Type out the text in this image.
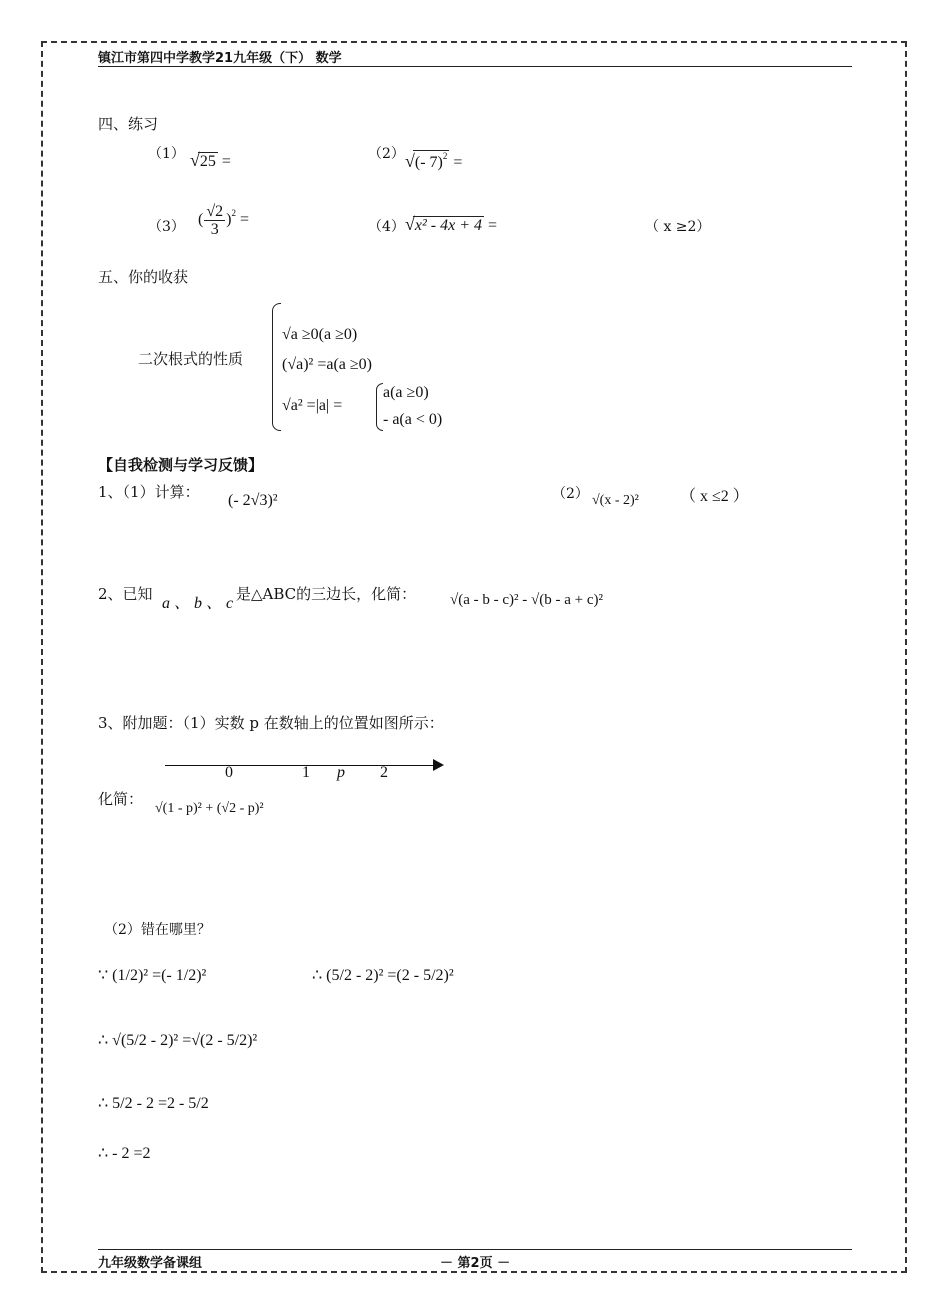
镇江市第四中学教学21九年级（下） 数学
四、练习
（1） √25 =	（2） √(- 7)$^2$ =
（3） ( $\frac{√2}{3} )^2$ =	（4） √x² - 4x + 4 =	（ x ≥2）
五、你的收获
二次根式的性质
√a ≥0(a ≥0)
(√a)² =a(a ≥0)
√a² =|a| =
a(a ≥0)
- a(a < 0)
【自我检测与学习反馈】
1、（1）计算： (- 2√3)²	（2） √(x - 2)²	（ x ≤2 ）
2、已知
a 、 b 、 c
是△ABC的三边长，化简： √(a - b - c)² - √(b - a + c)²
3、附加题：（1）实数 p 在数轴上的位置如图所示：
0	1 p 2
化简：
√(1 - p)² + (√2 - p)²
（2）错在哪里？
∵ (1/2)² =(- 1/2)²	∴ (5/2 - 2)² =(2 - 5/2)²
∴ √(5/2 - 2)² =√(2 - 5/2)²
∴ 5/2 - 2 =2 - 5/2
∴ - 2 =2
九年级数学备课组	－ 第2页 －
